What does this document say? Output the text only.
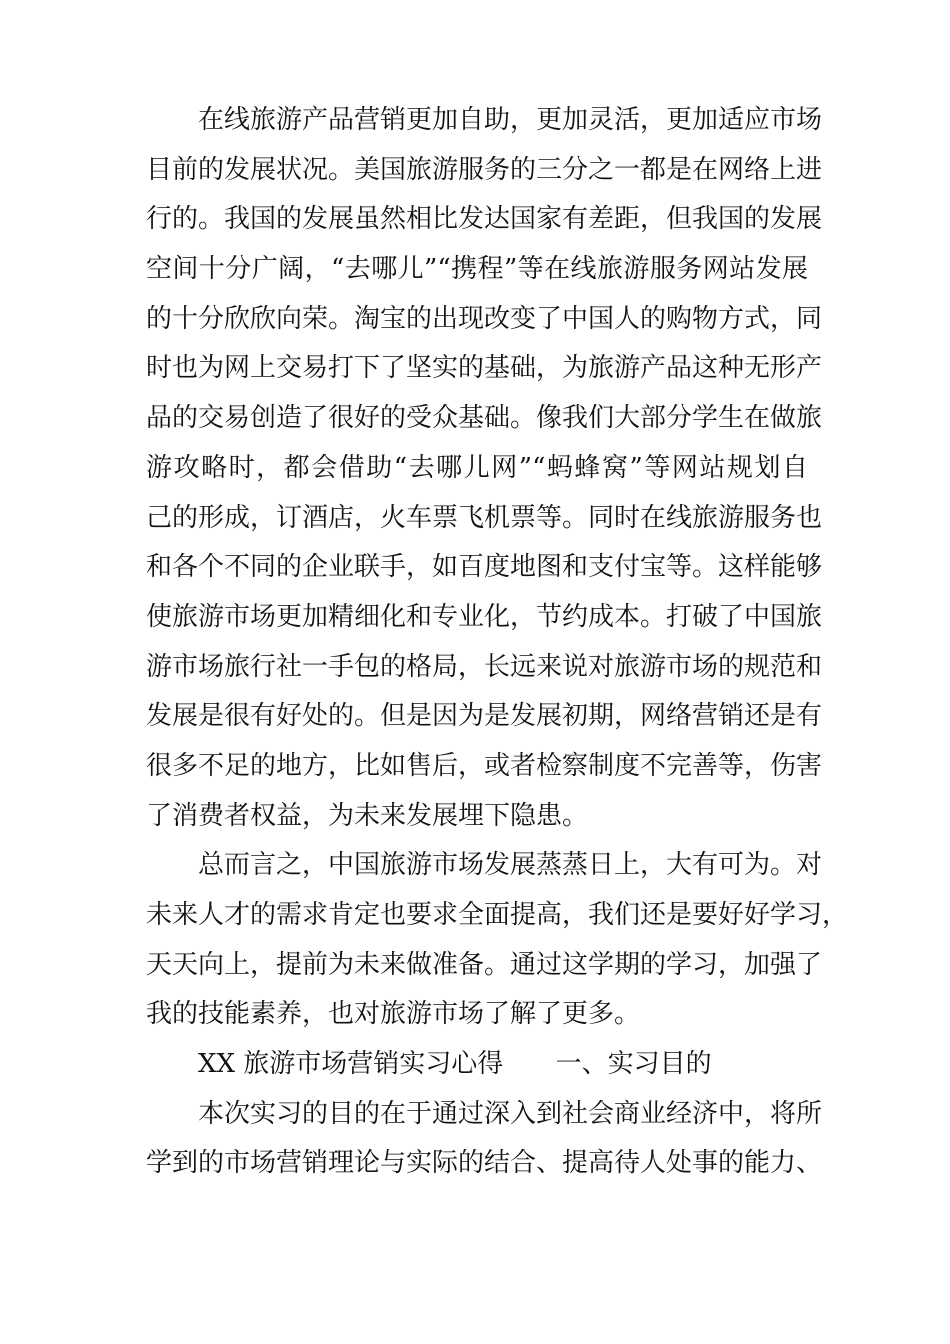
在线旅游产品营销更加自助，更加灵活，更加适应市场
目前的发展状况。美国旅游服务的三分之一都是在网络上进
行的。我国的发展虽然相比发达国家有差距，但我国的发展
空间十分广阔，“去哪儿”“携程”等在线旅游服务网站发展
的十分欣欣向荣。淘宝的出现改变了中国人的购物方式，同
时也为网上交易打下了坚实的基础，为旅游产品这种无形产
品的交易创造了很好的受众基础。像我们大部分学生在做旅
游攻略时，都会借助“去哪儿网”“蚂蜂窝”等网站规划自
己的形成，订酒店，火车票飞机票等。同时在线旅游服务也
和各个不同的企业联手，如百度地图和支付宝等。这样能够
使旅游市场更加精细化和专业化，节约成本。打破了中国旅
游市场旅行社一手包的格局，长远来说对旅游市场的规范和
发展是很有好处的。但是因为是发展初期，网络营销还是有
很多不足的地方，比如售后，或者检察制度不完善等，伤害
了消费者权益，为未来发展埋下隐患。
总而言之，中国旅游市场发展蒸蒸日上，大有可为。对
未来人才的需求肯定也要求全面提高，我们还是要好好学习，
天天向上，提前为未来做准备。通过这学期的学习，加强了
我的技能素养，也对旅游市场了解了更多。
XX 旅游市场营销实习心得 一、实习目的
本次实习的目的在于通过深入到社会商业经济中，将所
学到的市场营销理论与实际的结合、提高待人处事的能力、
